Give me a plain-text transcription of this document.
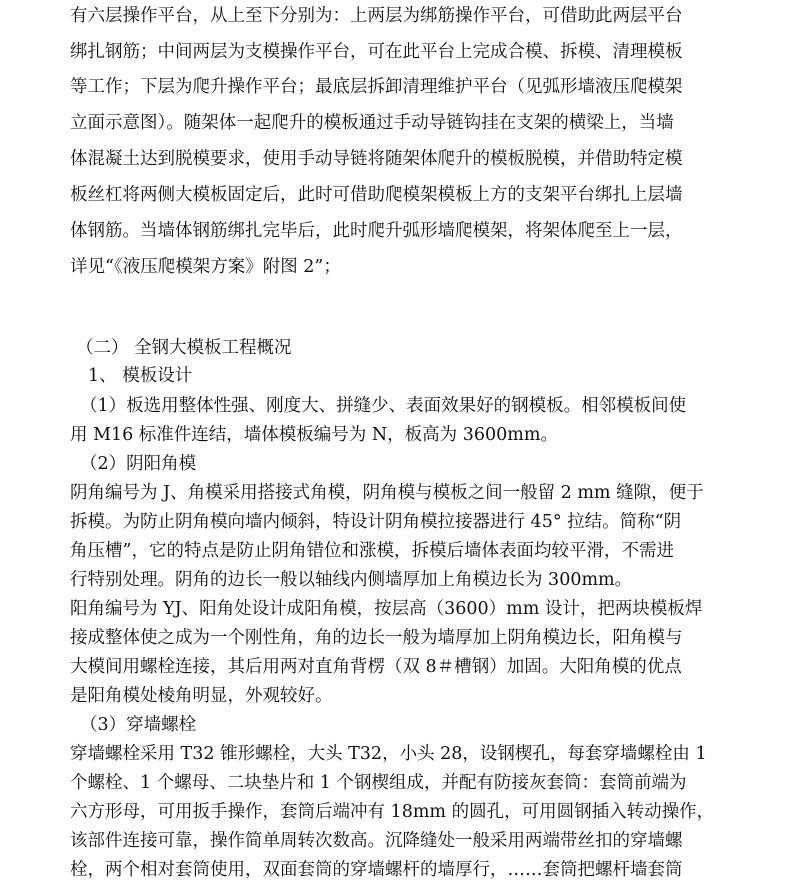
有六层操作平台，从上至下分别为：上两层为绑筋操作平台，可借助此两层平台
绑扎钢筋；中间两层为支模操作平台，可在此平台上完成合模、拆模、清理模板
等工作；下层为爬升操作平台；最底层拆卸清理维护平台（见弧形墙液压爬模架
立面示意图）。随架体一起爬升的模板通过手动导链钩挂在支架的横梁上，当墙
体混凝土达到脱模要求，使用手动导链将随架体爬升的模板脱模，并借助特定模
板丝杠将两侧大模板固定后，此时可借助爬模架模板上方的支架平台绑扎上层墙
体钢筋。当墙体钢筋绑扎完毕后，此时爬升弧形墙爬模架，将架体爬至上一层，
详见“《液压爬模架方案》附图 2”；
（二） 全钢大模板工程概况
1、 模板设计
（1）板选用整体性强、刚度大、拼缝少、表面效果好的钢模板。相邻模板间使
用 M16 标准件连结，墙体模板编号为 N，板高为 3600mm。
（2）阴阳角模
阴角编号为 J、角模采用搭接式角模，阴角模与模板之间一般留 2 mm 缝隙，便于
拆模。为防止阴角模向墙内倾斜，特设计阴角模拉接器进行 45° 拉结。简称“阴
角压槽”，它的特点是防止阴角错位和涨模，拆模后墙体表面均较平滑，不需进
行特别处理。阴角的边长一般以轴线内侧墙厚加上角模边长为 300mm。
阳角编号为 YJ、阳角处设计成阳角模，按层高（3600）mm 设计，把两块模板焊
接成整体使之成为一个刚性角，角的边长一般为墙厚加上阴角模边长，阳角模与
大模间用螺栓连接，其后用两对直角背楞（双 8＃槽钢）加固。大阳角模的优点
是阳角模处棱角明显，外观较好。
（3）穿墙螺栓
穿墙螺栓采用 T32 锥形螺栓，大头 T32，小头 28，设钢楔孔，每套穿墙螺栓由 1
个螺栓、1 个螺母、二块垫片和 1 个钢楔组成，并配有防接灰套筒：套筒前端为
六方形母，可用扳手操作，套筒后端冲有 18mm 的圆孔，可用圆钢插入转动操作，
该部件连接可靠，操作简单周转次数高。沉降缝处一般采用两端带丝扣的穿墙螺
栓，两个相对套筒使用，双面套筒的穿墙螺杆的墙厚行，……套筒把螺杆墙套筒
